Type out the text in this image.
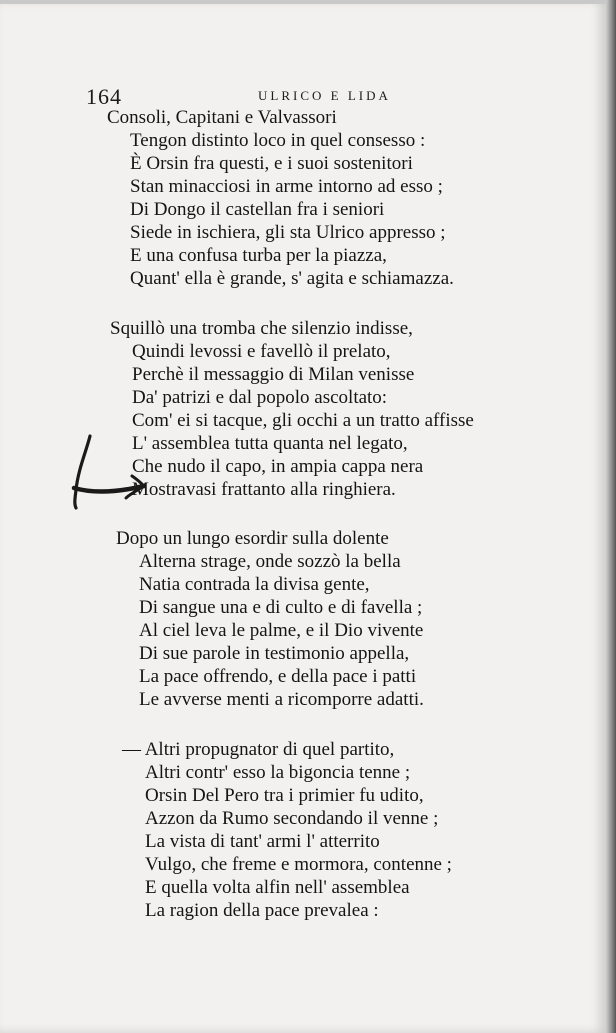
164	ULRICO E LIDA
Consoli, Capitani e Valvassori
Tengon distinto loco in quel consesso :
È Orsin fra questi, e i suoi sostenitori
Stan minacciosi in arme intorno ad esso ;
Di Dongo il castellan fra i seniori
Siede in ischiera, gli sta Ulrico appresso ;
E una confusa turba per la piazza,
Quant' ella è grande, s' agita e schiamazza.
Squillò una tromba che silenzio indisse,
Quindi levossi e favellò il prelato,
Perchè il messaggio di Milan venisse
Da' patrizi e dal popolo ascoltato:
Com' ei si tacque, gli occhi a un tratto affisse
L' assemblea tutta quanta nel legato,
Che nudo il capo, in ampia cappa nera
Mostravasi frattanto alla ringhiera.
Dopo un lungo esordir sulla dolente
Alterna strage, onde sozzò la bella
Natia contrada la divisa gente,
Di sangue una e di culto e di favella ;
Al ciel leva le palme, e il Dio vivente
Di sue parole in testimonio appella,
La pace offrendo, e della pace i patti
Le avverse menti a ricomporre adatti.
— Altri propugnator di quel partito,
Altri contr' esso la bigoncia tenne ;
Orsin Del Pero tra i primier fu udito,
Azzon da Rumo secondando il venne ;
La vista di tant' armi l' atterrito
Vulgo, che freme e mormora, contenne ;
E quella volta alfin nell' assemblea
La ragion della pace prevalea :
